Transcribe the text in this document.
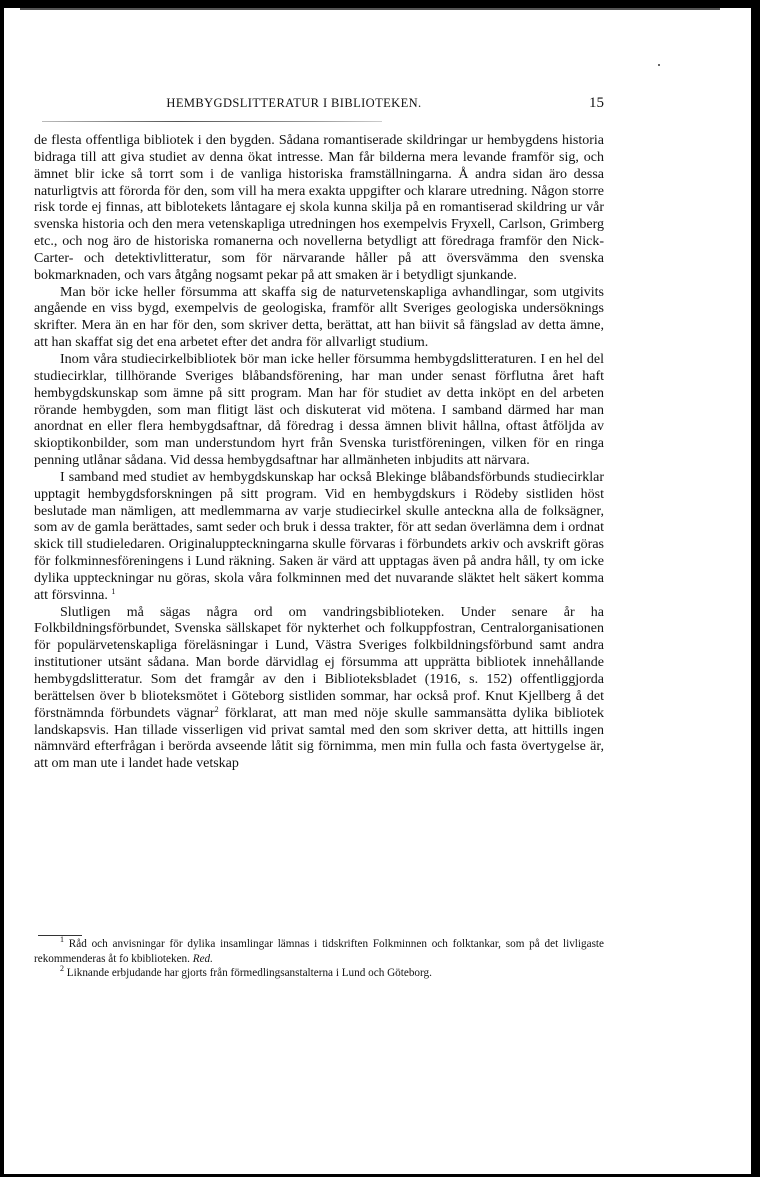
HEMBYGDSLITTERATUR I BIBLIOTEKEN.	15

de flesta offentliga bibliotek i den bygden. Sådana romantiserade skildringar ur hembygdens historia bidraga till att giva studiet av denna ökat intresse. Man får bilderna mera levande framför sig, och ämnet blir icke så torrt som i de vanliga historiska framställningarna. Å andra sidan äro dessa naturligtvis att förorda för den, som vill ha mera exakta uppgifter och klarare utredning. Någon storre risk torde ej finnas, att biblotekets låntagare ej skola kunna skilja på en romantiserad skildring ur vår svenska historia och den mera vetenskapliga utredningen hos exempelvis Fryxell, Carlson, Grimberg etc., och nog äro de historiska romanerna och novellerna betydligt att föredraga framför den Nick-Carter- och detektivlitteratur, som för närvarande håller på att översvämma den svenska bokmarknaden, och vars åtgång nogsamt pekar på att smaken är i betydligt sjunkande.

Man bör icke heller försumma att skaffa sig de naturvetenskapliga avhandlingar, som utgivits angående en viss bygd, exempelvis de geologiska, framför allt Sveriges geologiska undersöknings skrifter. Mera än en har för den, som skriver detta, berättat, att han biivit så fängslad av detta ämne, att han skaffat sig det ena arbetet efter det andra för allvarligt studium.

Inom våra studiecirkelbibliotek bör man icke heller försumma hembygdslitteraturen. I en hel del studiecirklar, tillhörande Sveriges blåbandsförening, har man under senast förflutna året haft hembygdskunskap som ämne på sitt program. Man har för studiet av detta inköpt en del arbeten rörande hembygden, som man flitigt läst och diskuterat vid mötena. I samband därmed har man anordnat en eller flera hembygdsaftnar, då föredrag i dessa ämnen blivit hållna, oftast åtföljda av skioptikonbilder, som man understundom hyrt från Svenska turistföreningen, vilken för en ringa penning utlånar sådana. Vid dessa hembygdsaftnar har allmänheten inbjudits att närvara.

I samband med studiet av hembygdskunskap har också Blekinge blåbandsförbunds studiecirklar upptagit hembygdsforskningen på sitt program. Vid en hembygdskurs i Rödeby sistliden höst beslutade man nämligen, att medlemmarna av varje studiecirkel skulle anteckna alla de folksägner, som av de gamla berättades, samt seder och bruk i dessa trakter, för att sedan överlämna dem i ordnat skick till studieledaren. Originaluppteckningarna skulle förvaras i förbundets arkiv och avskrift göras för folkminnesföreningens i Lund räkning. Saken är värd att upptagas även på andra håll, ty om icke dylika uppteckningar nu göras, skola våra folkminnen med det nuvarande släktet helt säkert komma att försvinna. $^1$

Slutligen må sägas några ord om vandringsbiblioteken. Under senare år ha Folkbildningsförbundet, Svenska sällskapet för nykterhet och folkuppfostran, Centralorganisationen för populärvetenskapliga föreläsningar i Lund, Västra Sveriges folkbildningsförbund samt andra institutioner utsänt sådana. Man borde därvidlag ej försumma att upprätta bibliotek innehållande hembygdslitteratur. Som det framgår av den i Biblioteksbladet (1916, s. 152) offentliggjorda berättelsen över b blioteksmötet i Göteborg sistliden sommar, har också prof. Knut Kjellberg å det förstnämnda förbundets vägnar$^2$ förklarat, att man med nöje skulle sammansätta dylika bibliotek landskapsvis. Han tillade visserligen vid privat samtal med den som skriver detta, att hittills ingen nämnvärd efterfrågan i berörda avseende låtit sig förnimma, men min fulla och fasta övertygelse är, att om man ute i landet hade vetskap

$^1$ Råd och anvisningar för dylika insamlingar lämnas i tidskriften Folkminnen och folktankar, som på det livligaste rekommenderas åt fo kbiblioteken. Red.

$^2$ Liknande erbjudande har gjorts från förmedlingsanstalterna i Lund och Göteborg.
